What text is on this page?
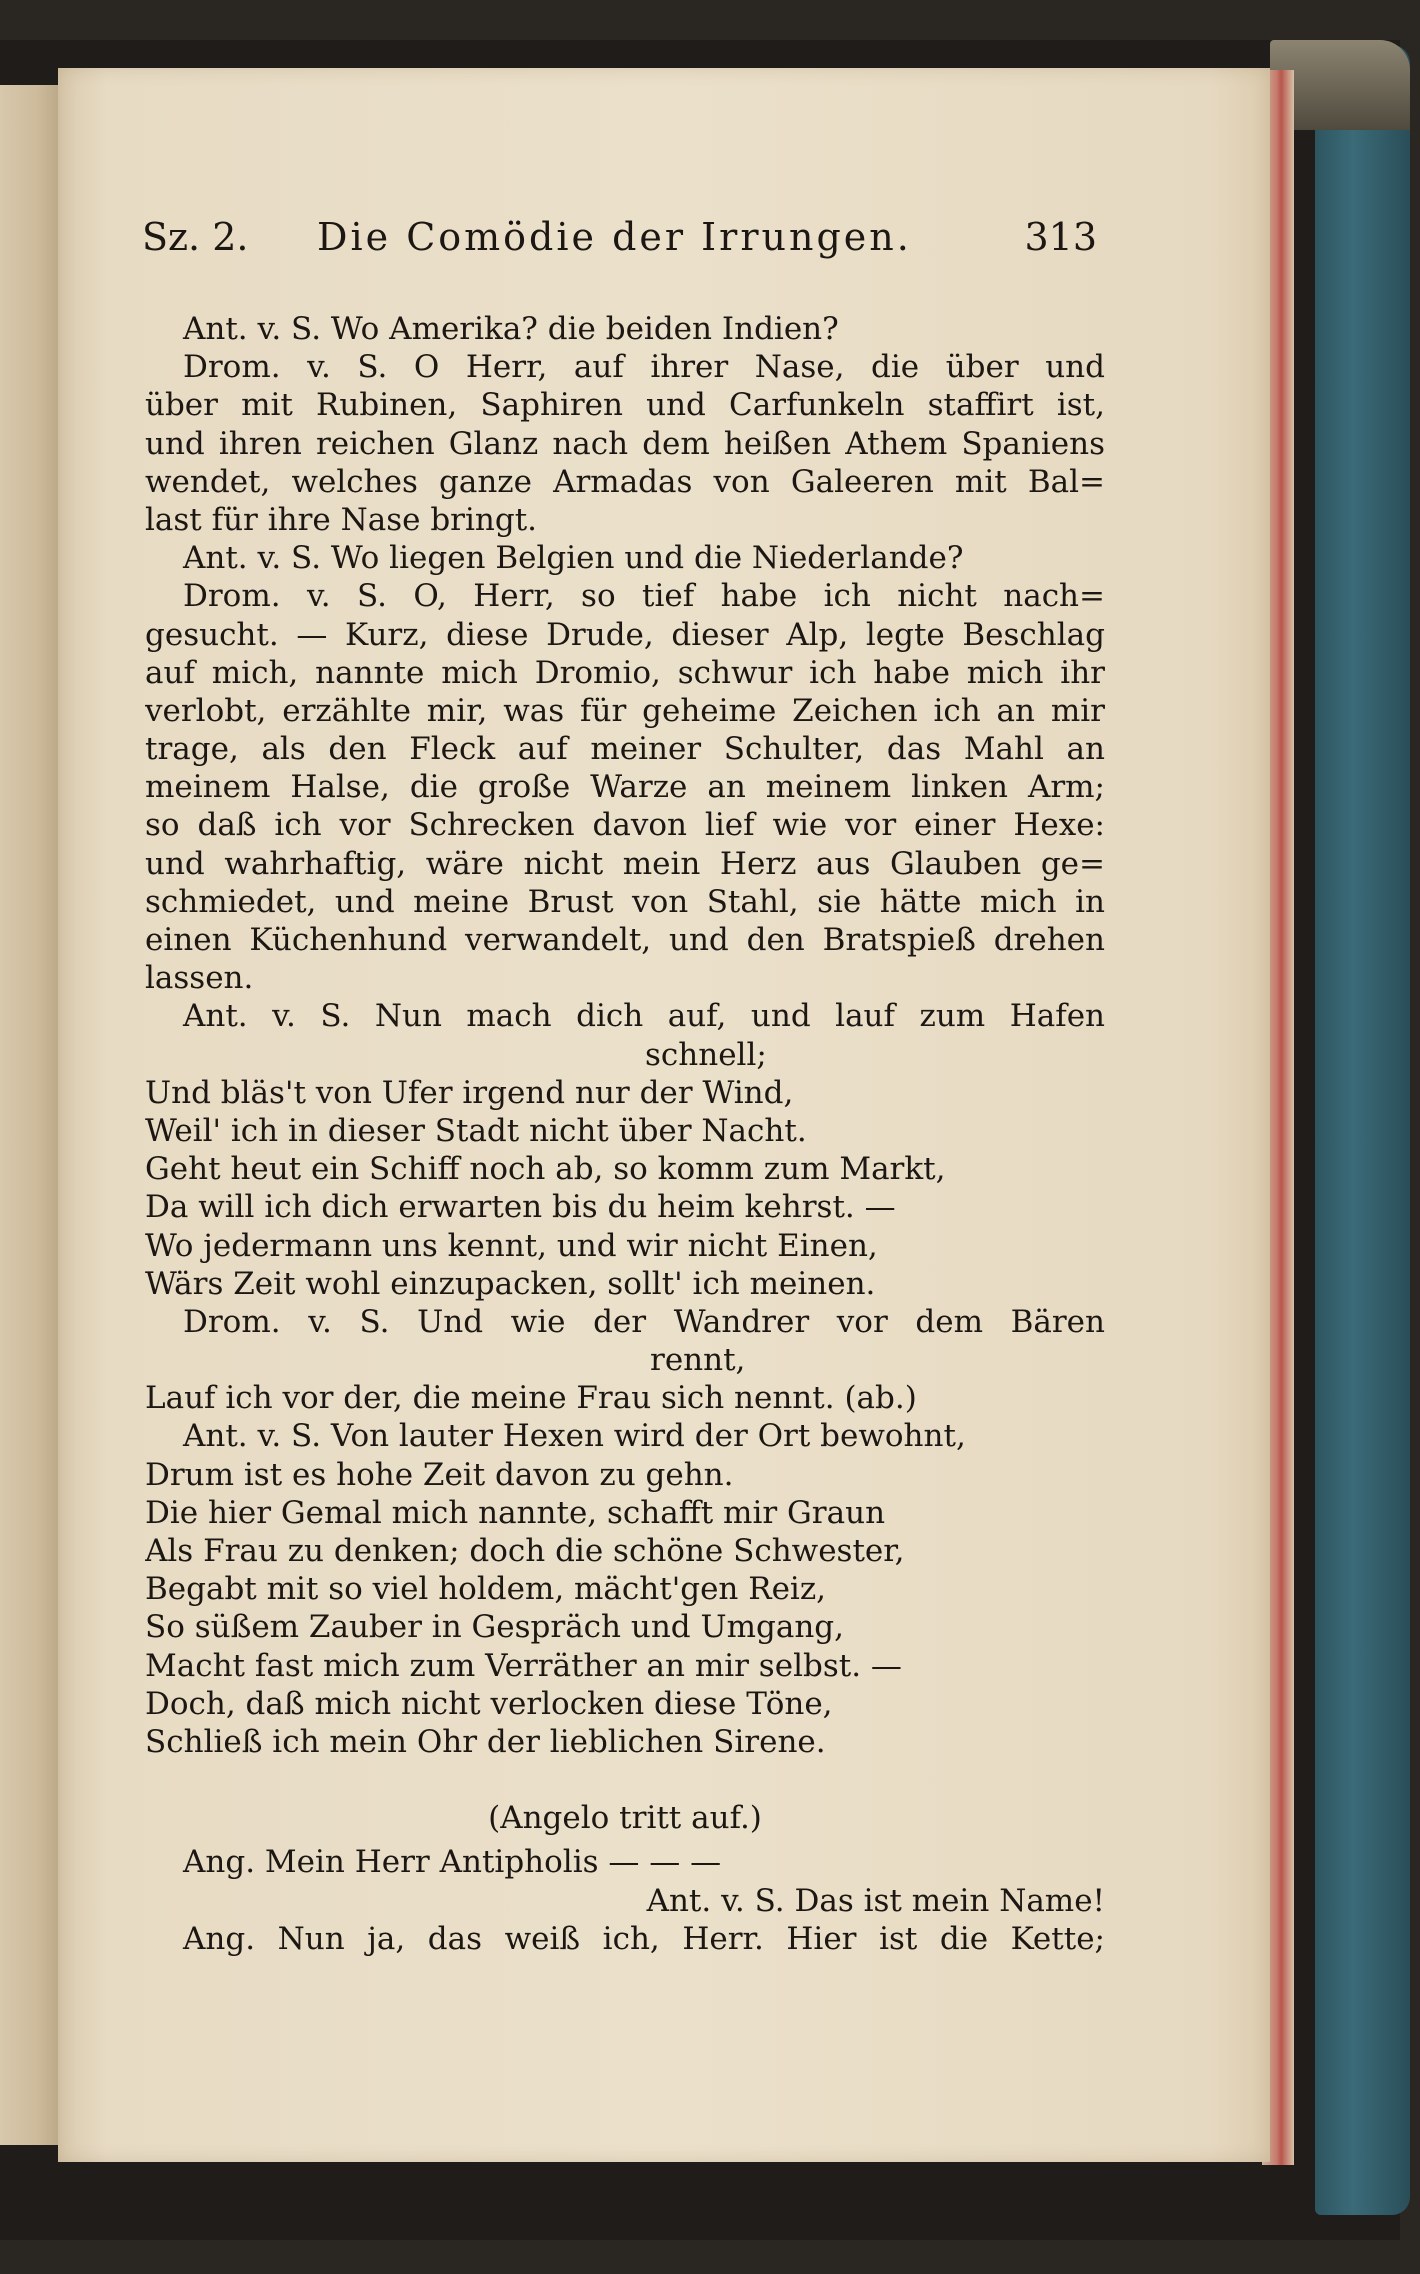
Sz. 2. Die Comödie der Irrungen.	313
Ant. v. S. Wo Amerika? die beiden Indien?
Drom. v. S. O Herr, auf ihrer Nase, die über und
über mit Rubinen, Saphiren und Carfunkeln staffirt ist,
und ihren reichen Glanz nach dem heißen Athem Spaniens
wendet, welches ganze Armadas von Galeeren mit Bal=
last für ihre Nase bringt.
Ant. v. S. Wo liegen Belgien und die Niederlande?
Drom. v. S. O, Herr, so tief habe ich nicht nach=
gesucht. — Kurz, diese Drude, dieser Alp, legte Beschlag
auf mich, nannte mich Dromio, schwur ich habe mich ihr
verlobt, erzählte mir, was für geheime Zeichen ich an mir
trage, als den Fleck auf meiner Schulter, das Mahl an
meinem Halse, die große Warze an meinem linken Arm;
so daß ich vor Schrecken davon lief wie vor einer Hexe:
und wahrhaftig, wäre nicht mein Herz aus Glauben ge=
schmiedet, und meine Brust von Stahl, sie hätte mich in
einen Küchenhund verwandelt, und den Bratspieß drehen
lassen.
Ant. v. S. Nun mach dich auf, und lauf zum Hafen
schnell;
Und bläs't von Ufer irgend nur der Wind,
Weil' ich in dieser Stadt nicht über Nacht.
Geht heut ein Schiff noch ab, so komm zum Markt,
Da will ich dich erwarten bis du heim kehrst. —
Wo jedermann uns kennt, und wir nicht Einen,
Wärs Zeit wohl einzupacken, sollt' ich meinen.
Drom. v. S. Und wie der Wandrer vor dem Bären
rennt,
Lauf ich vor der, die meine Frau sich nennt. (ab.)
Ant. v. S. Von lauter Hexen wird der Ort bewohnt,
Drum ist es hohe Zeit davon zu gehn.
Die hier Gemal mich nannte, schafft mir Graun
Als Frau zu denken; doch die schöne Schwester,
Begabt mit so viel holdem, mächt'gen Reiz,
So süßem Zauber in Gespräch und Umgang,
Macht fast mich zum Verräther an mir selbst. —
Doch, daß mich nicht verlocken diese Töne,
Schließ ich mein Ohr der lieblichen Sirene.
(Angelo tritt auf.)
Ang. Mein Herr Antipholis — — —
Ant. v. S. Das ist mein Name!
Ang. Nun ja, das weiß ich, Herr. Hier ist die Kette;
